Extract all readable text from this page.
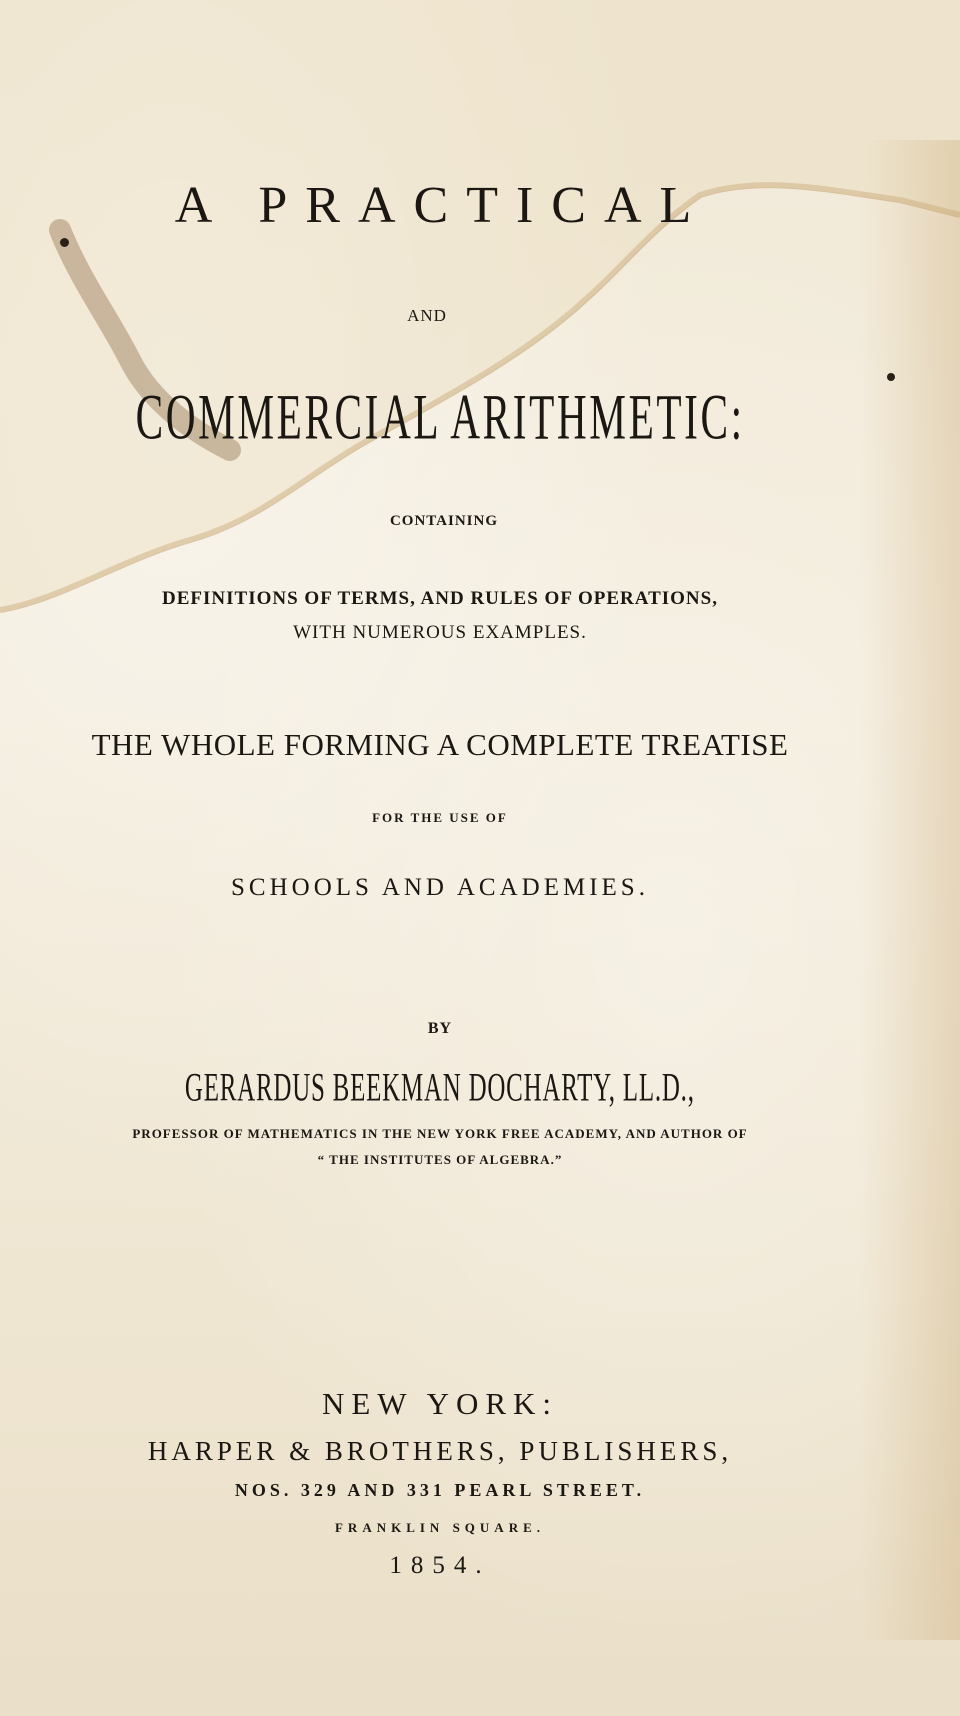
A PRACTICAL
AND
COMMERCIAL ARITHMETIC:
CONTAINING
DEFINITIONS OF TERMS, AND RULES OF OPERATIONS,
WITH NUMEROUS EXAMPLES.
THE WHOLE FORMING A COMPLETE TREATISE
FOR THE USE OF
SCHOOLS AND ACADEMIES.
BY
GERARDUS BEEKMAN DOCHARTY, LL.D.,
PROFESSOR OF MATHEMATICS IN THE NEW YORK FREE ACADEMY, AND AUTHOR OF
“ THE INSTITUTES OF ALGEBRA.”
NEW YORK:
HARPER & BROTHERS, PUBLISHERS,
NOS. 329 AND 331 PEARL STREET.
FRANKLIN SQUARE.
1854.
